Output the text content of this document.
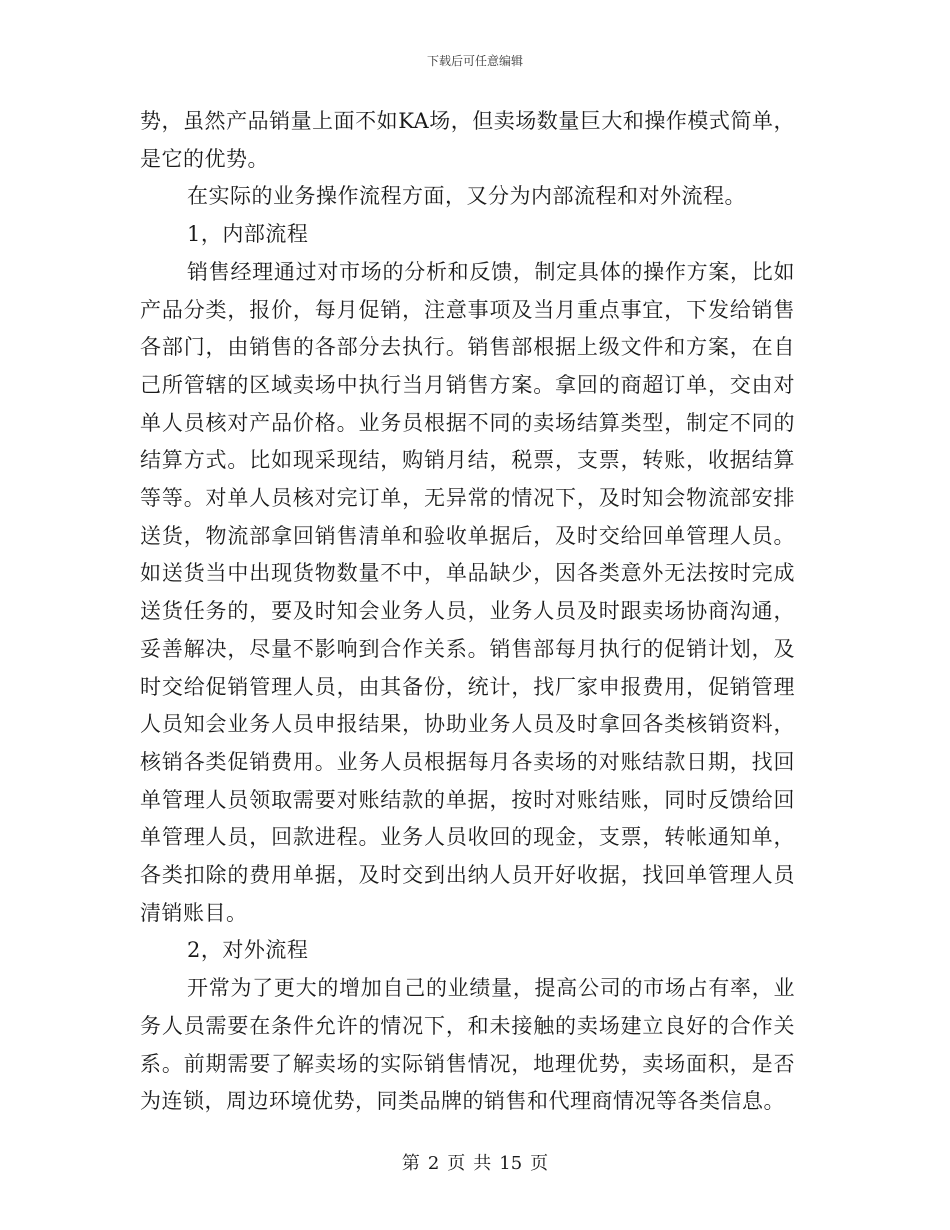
下载后可任意编辑

势，虽然产品销量上面不如KA场，但卖场数量巨大和操作模式简单，是它的优势。

在实际的业务操作流程方面，又分为内部流程和对外流程。

1，内部流程

销售经理通过对市场的分析和反馈，制定具体的操作方案，比如产品分类，报价，每月促销，注意事项及当月重点事宜，下发给销售各部门，由销售的各部分去执行。销售部根据上级文件和方案，在自己所管辖的区域卖场中执行当月销售方案。拿回的商超订单，交由对单人员核对产品价格。业务员根据不同的卖场结算类型，制定不同的结算方式。比如现采现结，购销月结，税票，支票，转账，收据结算等等。对单人员核对完订单，无异常的情况下，及时知会物流部安排送货，物流部拿回销售清单和验收单据后，及时交给回单管理人员。如送货当中出现货物数量不中，单品缺少，因各类意外无法按时完成送货任务的，要及时知会业务人员，业务人员及时跟卖场协商沟通，妥善解决，尽量不影响到合作关系。销售部每月执行的促销计划，及时交给促销管理人员，由其备份，统计，找厂家申报费用，促销管理人员知会业务人员申报结果，协助业务人员及时拿回各类核销资料，核销各类促销费用。业务人员根据每月各卖场的对账结款日期，找回单管理人员领取需要对账结款的单据，按时对账结账，同时反馈给回单管理人员，回款进程。业务人员收回的现金，支票，转帐通知单，各类扣除的费用单据，及时交到出纳人员开好收据，找回单管理人员清销账目。

2，对外流程

开常为了更大的增加自己的业绩量，提高公司的市场占有率，业务人员需要在条件允许的情况下，和未接触的卖场建立良好的合作关系。前期需要了解卖场的实际销售情况，地理优势，卖场面积，是否为连锁，周边环境优势，同类品牌的销售和代理商情况等各类信息。

第 2 页 共 15 页
